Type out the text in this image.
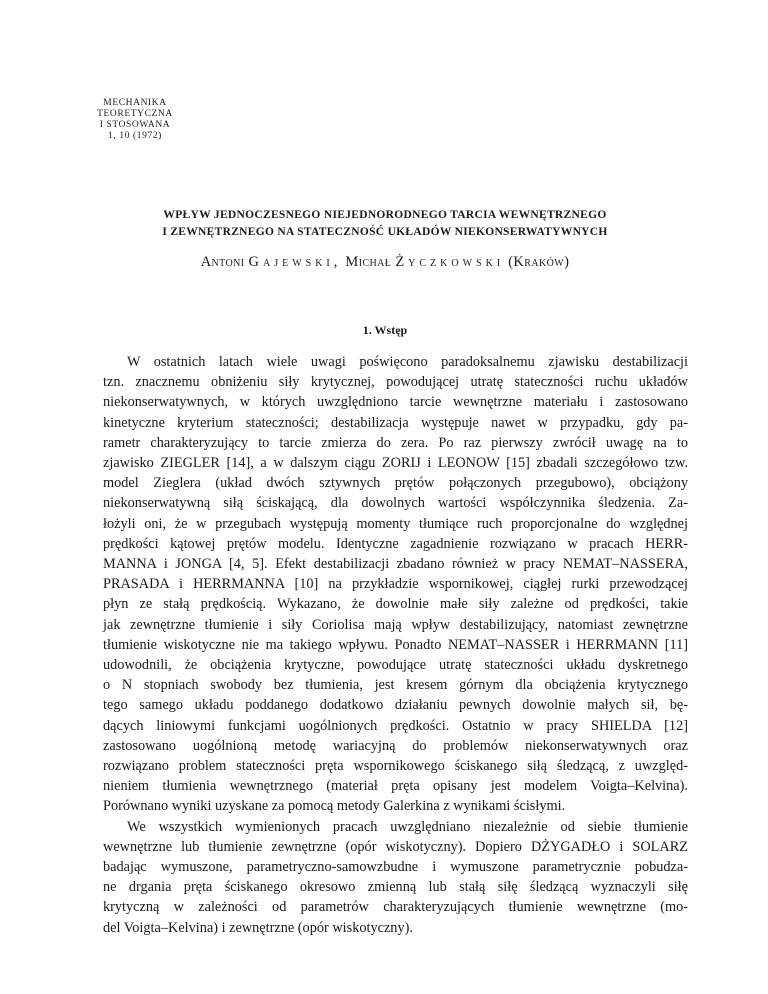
MECHANIKA
TEORETYCZNA
I STOSOWANA
1, 10 (1972)
WPŁYW JEDNOCZESNEGO NIEJEDNORODNEGO TARCIA WEWNĘTRZNEGO
I ZEWNĘTRZNEGO NA STATECZNOŚĆ UKŁADÓW NIEKONSERWATYWNYCH
Antoni Gajewski, Michał Życzkowski (Kraków)
1. Wstęp

W ostatnich latach wiele uwagi poświęcono paradoksalnemu zjawisku destabilizacji
tzn. znacznemu obniżeniu siły krytycznej, powodującej utratę stateczności ruchu układów
niekonserwatywnych, w których uwzględniono tarcie wewnętrzne materiału i zastosowano
kinetyczne kryterium stateczności; destabilizacja występuje nawet w przypadku, gdy pa-
rametr charakteryzujący to tarcie zmierza do zera. Po raz pierwszy zwrócił uwagę na to
zjawisko ZIEGLER [14], a w dalszym ciągu ZORIJ i LEONOW [15] zbadali szczegółowo tzw.
model Zieglera (układ dwóch sztywnych prętów połączonych przegubowo), obciążony
niekonserwatywną siłą ściskającą, dla dowolnych wartości współczynnika śledzenia. Za-
łożyli oni, że w przegubach występują momenty tłumiące ruch proporcjonalne do względnej
prędkości kątowej prętów modelu. Identyczne zagadnienie rozwiązano w pracach HERR-
MANNA i JONGA [4, 5]. Efekt destabilizacji zbadano również w pracy NEMAT–NASSERA,
PRASADA i HERRMANNA [10] na przykładzie wspornikowej, ciągłej rurki przewodzącej
płyn ze stałą prędkością. Wykazano, że dowolnie małe siły zależne od prędkości, takie
jak zewnętrzne tłumienie i siły Coriolisa mają wpływ destabilizujący, natomiast zewnętrzne
tłumienie wiskotyczne nie ma takiego wpływu. Ponadto NEMAT–NASSER i HERRMANN [11]
udowodnili, że obciążenia krytyczne, powodujące utratę stateczności układu dyskretnego
o N stopniach swobody bez tłumienia, jest kresem górnym dla obciążenia krytycznego
tego samego układu poddanego dodatkowo działaniu pewnych dowolnie małych sił, bę-
dących liniowymi funkcjami uogólnionych prędkości. Ostatnio w pracy SHIELDA [12]
zastosowano uogólnioną metodę wariacyjną do problemów niekonserwatywnych oraz
rozwiązano problem stateczności pręta wspornikowego ściskanego siłą śledzącą, z uwzględ-
nieniem tłumienia wewnętrznego (materiał pręta opisany jest modelem Voigta–Kelvina).
Porównano wyniki uzyskane za pomocą metody Galerkina z wynikami ścisłymi.

We wszystkich wymienionych pracach uwzględniano niezależnie od siebie tłumienie
wewnętrzne lub tłumienie zewnętrzne (opór wiskotyczny). Dopiero DŻYGADŁO i SOLARZ
badając wymuszone, parametryczno-samowzbudne i wymuszone parametrycznie pobudza-
ne drgania pręta ściskanego okresowo zmienną lub stałą siłę śledzącą wyznaczyli siłę
krytyczną w zależności od parametrów charakteryzujących tłumienie wewnętrzne (mo-
del Voigta–Kelvina) i zewnętrzne (opór wiskotyczny).
